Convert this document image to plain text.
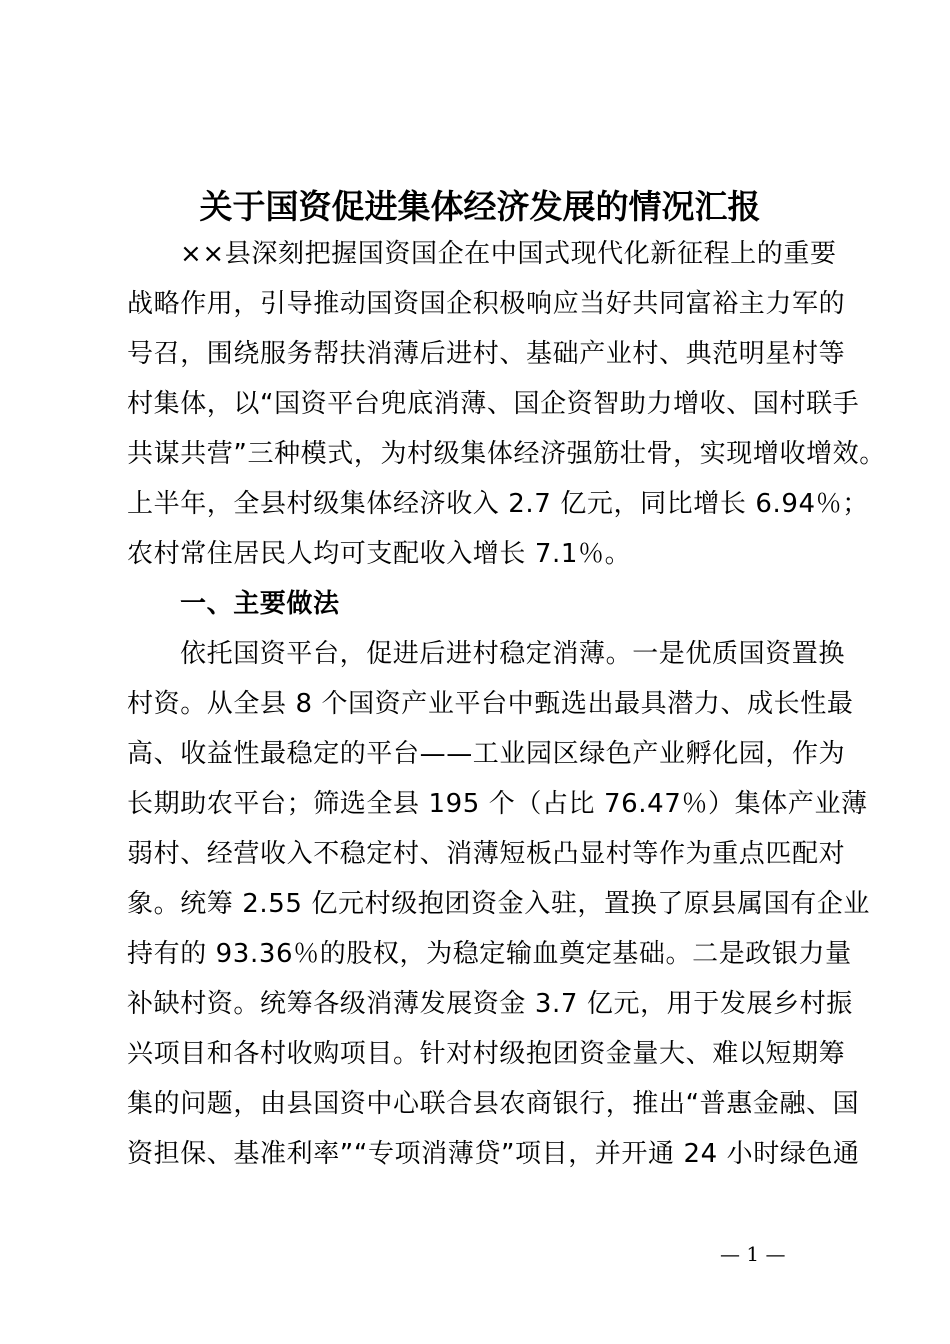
关于国资促进集体经济发展的情况汇报
××县深刻把握国资国企在中国式现代化新征程上的重要
战略作用，引导推动国资国企积极响应当好共同富裕主力军的
号召，围绕服务帮扶消薄后进村、基础产业村、典范明星村等
村集体，以“国资平台兜底消薄、国企资智助力增收、国村联手
共谋共营”三种模式，为村级集体经济强筋壮骨，实现增收增效。
上半年，全县村级集体经济收入 2.7 亿元，同比增长 6.94％；
农村常住居民人均可支配收入增长 7.1％。
一、主要做法
依托国资平台，促进后进村稳定消薄。一是优质国资置换
村资。从全县 8 个国资产业平台中甄选出最具潜力、成长性最
高、收益性最稳定的平台——工业园区绿色产业孵化园，作为
长期助农平台；筛选全县 195 个（占比 76.47％）集体产业薄
弱村、经营收入不稳定村、消薄短板凸显村等作为重点匹配对
象。统筹 2.55 亿元村级抱团资金入驻，置换了原县属国有企业
持有的 93.36％的股权，为稳定输血奠定基础。二是政银力量
补缺村资。统筹各级消薄发展资金 3.7 亿元，用于发展乡村振
兴项目和各村收购项目。针对村级抱团资金量大、难以短期筹
集的问题，由县国资中心联合县农商银行，推出“普惠金融、国
资担保、基准利率”“专项消薄贷”项目，并开通 24 小时绿色通
— 1 —
